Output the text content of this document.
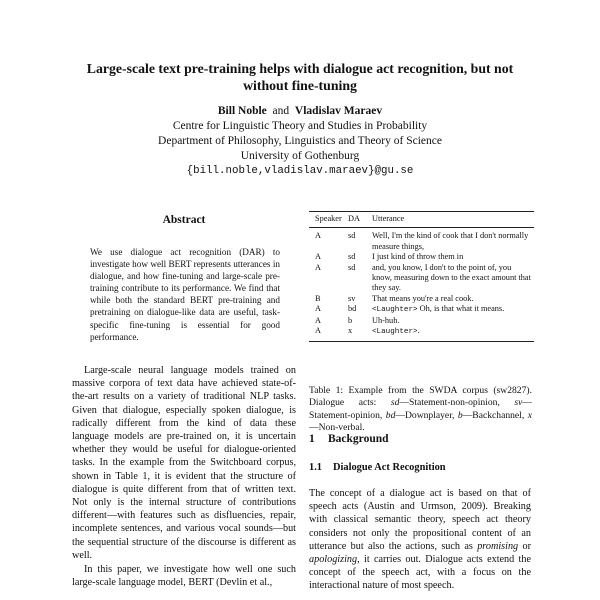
Large-scale text pre-training helps with dialogue act recognition, but not without fine-tuning
Bill Noble and Vladislav Maraev
Centre for Linguistic Theory and Studies in Probability
Department of Philosophy, Linguistics and Theory of Science
University of Gothenburg
{bill.noble,vladislav.maraev}@gu.se
Abstract
We use dialogue act recognition (DAR) to investigate how well BERT represents utterances in dialogue, and how fine-tuning and large-scale pre-training contribute to its performance. We find that while both the standard BERT pre-training and pretraining on dialogue-like data are useful, task-specific fine-tuning is essential for good performance.

Large-scale neural language models trained on massive corpora of text data have achieved state-of-the-art results on a variety of traditional NLP tasks. Given that dialogue, especially spoken dialogue, is radically different from the kind of data these language models are pre-trained on, it is uncertain whether they would be useful for dialogue-oriented tasks. In the example from the Switchboard corpus, shown in Table 1, it is evident that the structure of dialogue is quite different from that of written text. Not only is the internal structure of contributions different—with features such as disfluencies, repair, incomplete sentences, and various vocal sounds—but the sequential structure of the discourse is different as well.

In this paper, we investigate how well one such large-scale language model, BERT (Devlin et al.,

Speaker DA	Utterance
A	sd	Well, I'm the kind of cook that I don't normally measure things,
A	sd	I just kind of throw them in
A	sd	and, you know, I don't to the point of, you know, measuring down to the exact amount that they say.
B	sv	That means you're a real cook.
A	bd	<Laughter> Oh, is that what it means.
A	b	Uh-huh.
A	x	<Laughter>.
Table 1: Example from the SWDA corpus (sw2827). Dialogue acts: sd—Statement-non-opinion, sv—Statement-opinion, bd—Downplayer, b—Backchannel, x—Non-verbal.
1 Background
1.1 Dialogue Act Recognition

The concept of a dialogue act is based on that of speech acts (Austin and Urmson, 2009). Breaking with classical semantic theory, speech act theory considers not only the propositional content of an utterance but also the actions, such as promising or apologizing, it carries out. Dialogue acts extend the concept of the speech act, with a focus on the interactional nature of most speech.
